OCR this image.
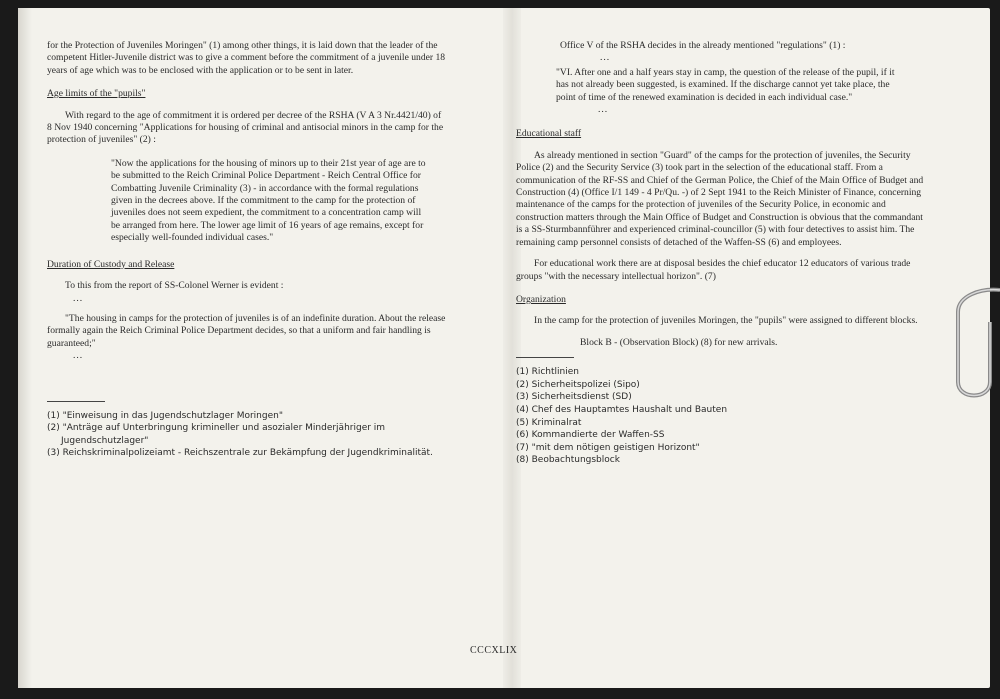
for the Protection of Juveniles Moringen" (1) among other things, it is laid down that the leader of the competent Hitler-Juvenile district was to give a comment before the commitment of a juvenile under 18 years of age which was to be enclosed with the application or to be sent in later.

Age limits of the "pupils"

With regard to the age of commitment it is ordered per decree of the RSHA (V A 3 Nr.4421/40) of 8 Nov 1940 concerning "Applications for housing of criminal and antisocial minors in the camp for the protection of juveniles" (2) :

"Now the applications for the housing of minors up to their 21st year of age are to be submitted to the Reich Criminal Police Department - Reich Central Office for Combatting Juvenile Criminality (3) - in accordance with the formal regulations given in the decrees above. If the commitment to the camp for the protection of juveniles does not seem expedient, the commitment to a concentration camp will be arranged from here. The lower age limit of 16 years of age remains, except for especially well-founded individual cases."

Duration of Custody and Release

To this from the report of SS-Colonel Werner is evident :

...

"The housing in camps for the protection of juveniles is of an indefinite duration. About the release formally again the Reich Criminal Police Department decides, so that a uniform and fair handling is guaranteed;"

...

(1) "Einweisung in das Jugendschutzlager Moringen"

(2) "Anträge auf Unterbringung krimineller und asozialer Minderjähriger im Jugendschutzlager"

(3) Reichskriminalpolizeiamt - Reichszentrale zur Bekämpfung der Jugendkriminalität.

Office V of the RSHA decides in the already mentioned "regulations" (1) :

...

"VI. After one and a half years stay in camp, the question of the release of the pupil, if it has not already been suggested, is examined. If the discharge cannot yet take place, the point of time of the renewed examination is decided in each individual case."

...

Educational staff

As already mentioned in section "Guard" of the camps for the protection of juveniles, the Security Police (2) and the Security Service (3) took part in the selection of the educational staff. From a communication of the RF-SS and Chief of the German Police, the Chief of the Main Office of Budget and Construction (4) (Office I/1 149 - 4 Pr/Qu. -) of 2 Sept 1941 to the Reich Minister of Finance, concerning maintenance of the camps for the protection of juveniles of the Security Police, in economic and construction matters through the Main Office of Budget and Construction is obvious that the commandant is a SS-Sturmbannführer and experienced criminal-councillor (5) with four detectives to assist him. The remaining camp personnel consists of detached of the Waffen-SS (6) and employees.

For educational work there are at disposal besides the chief educator 12 educators of various trade groups "with the necessary intellectual horizon". (7)

Organization

In the camp for the protection of juveniles Moringen, the "pupils" were assigned to different blocks.

Block B - (Observation Block) (8) for new arrivals.

(1) Richtlinien

(2) Sicherheitspolizei (Sipo)

(3) Sicherheitsdienst (SD)

(4) Chef des Hauptamtes Haushalt und Bauten

(5) Kriminalrat

(6) Kommandierte der Waffen-SS

(7) "mit dem nötigen geistigen Horizont"

(8) Beobachtungsblock

CCCXLIX
